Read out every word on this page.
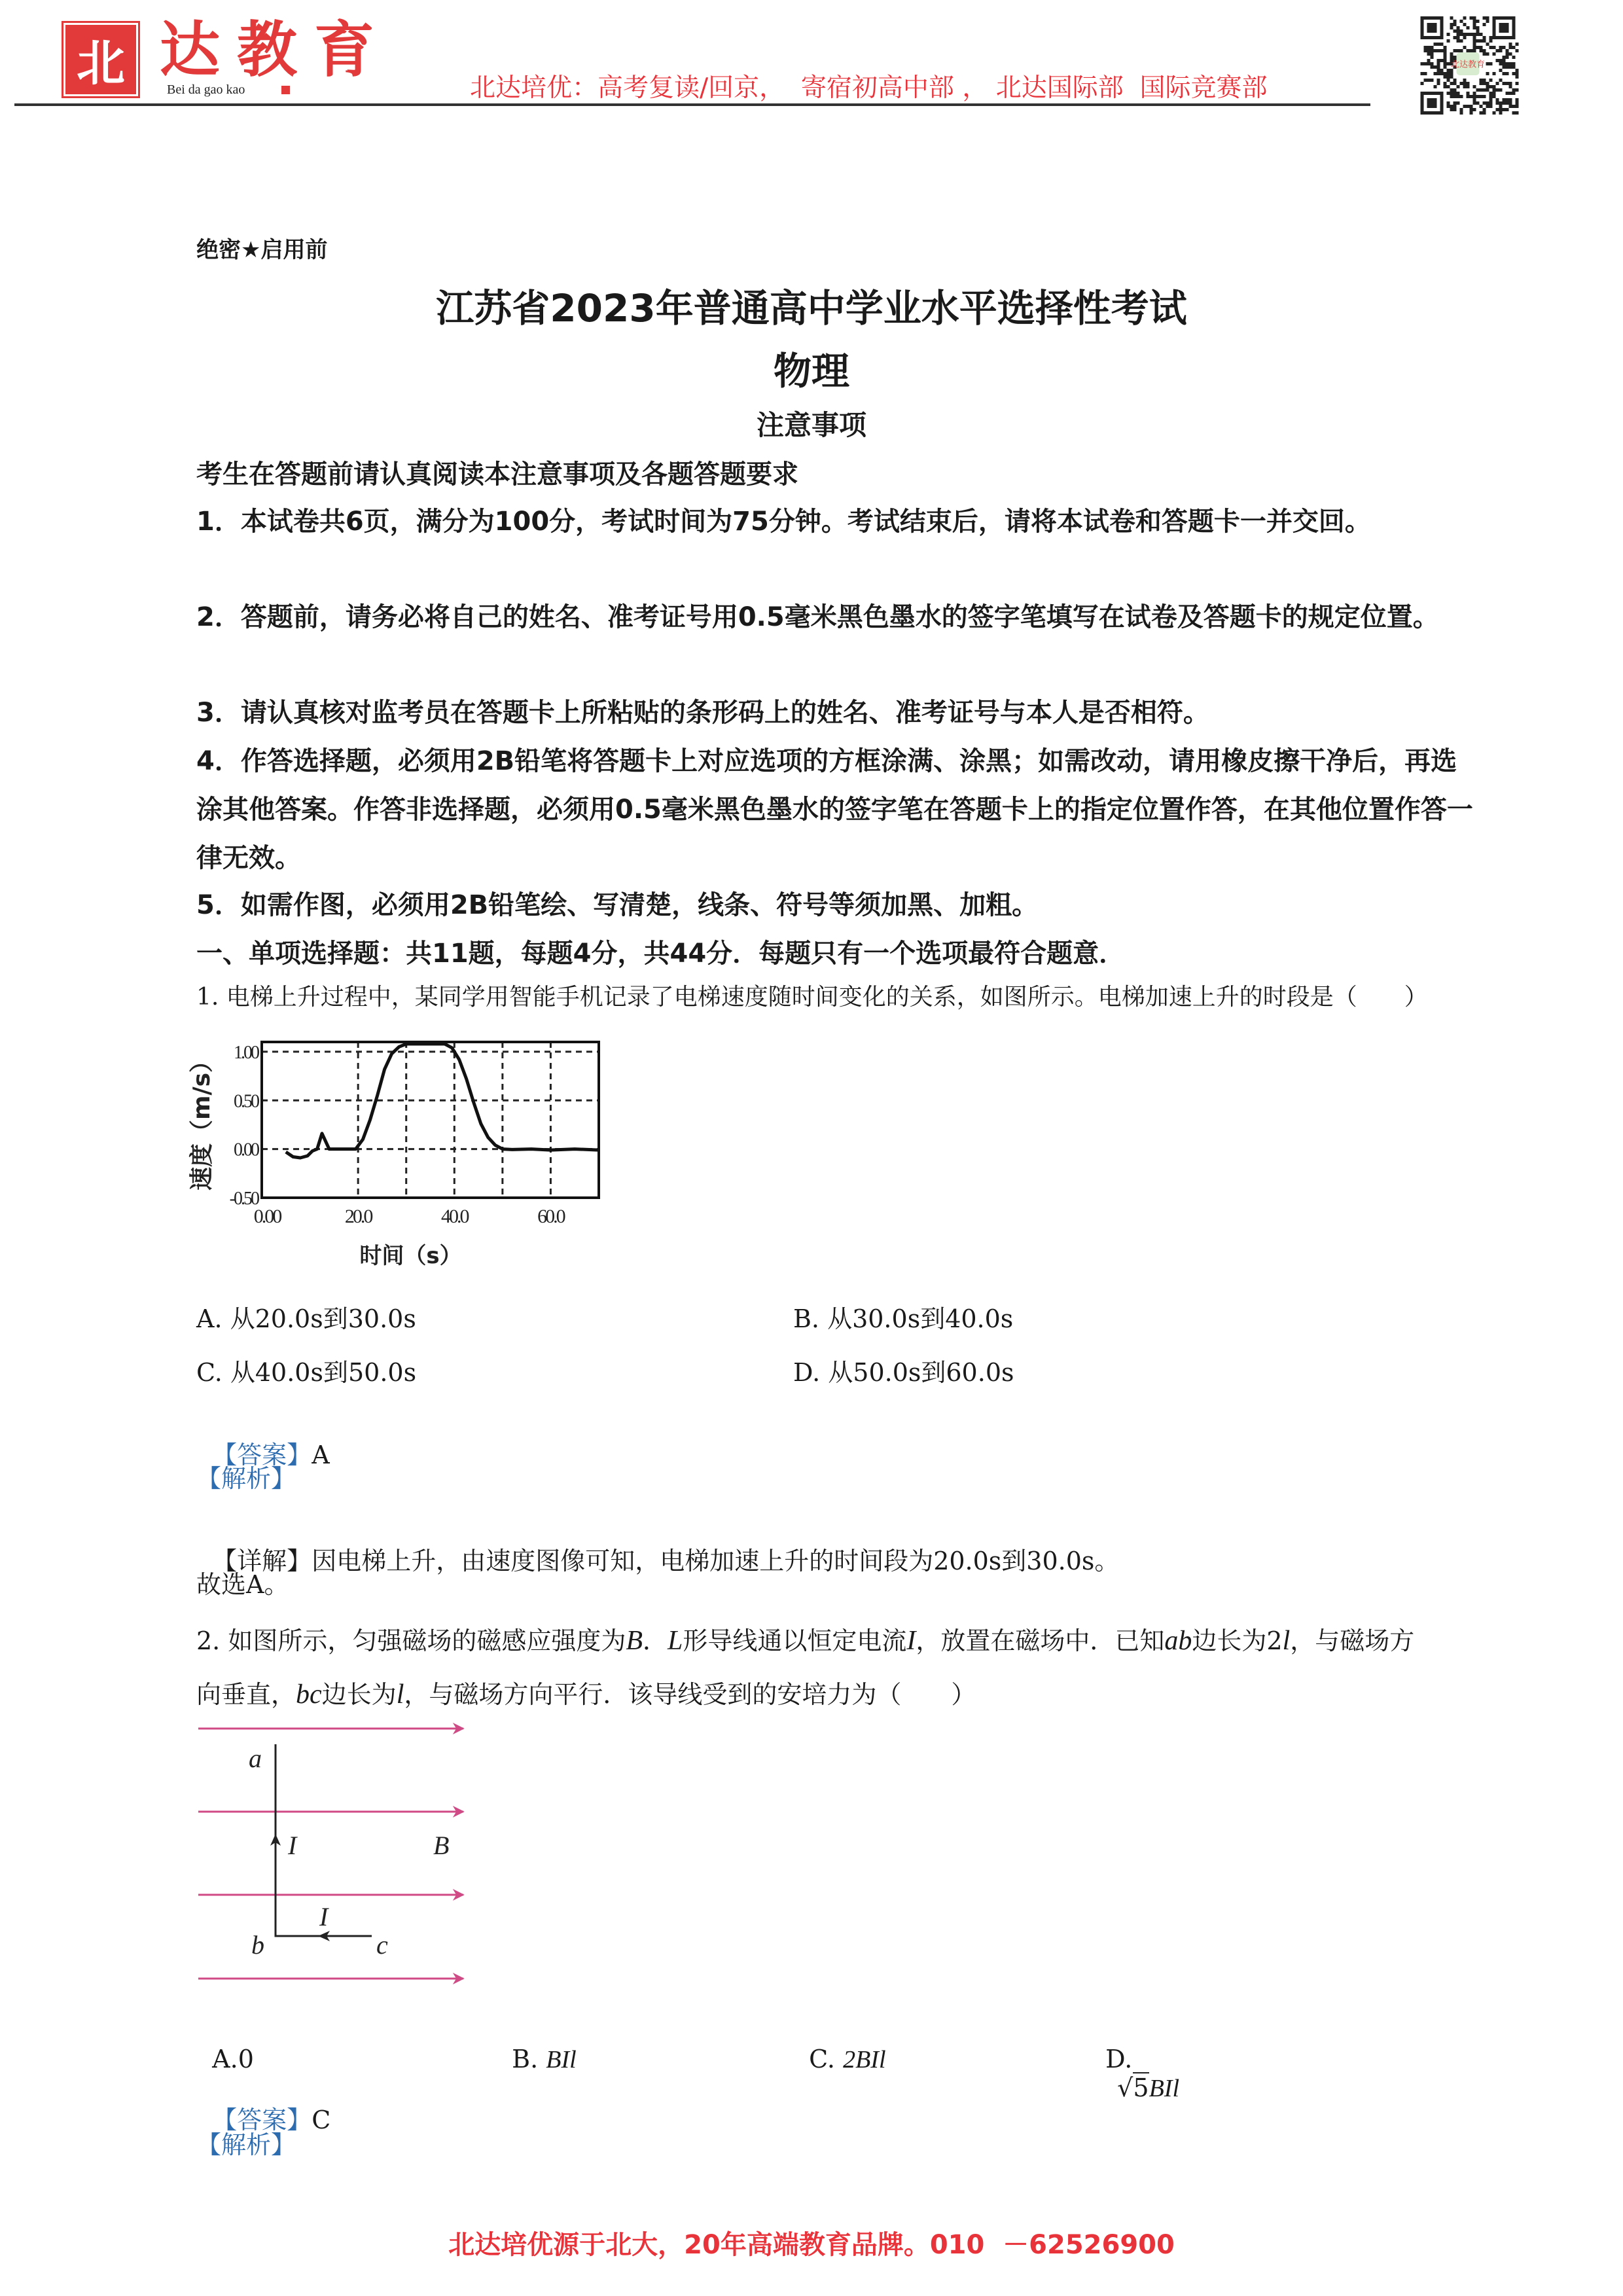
北 达教育
Bei da gao kao	北达培优：高考复读/回京，  寄宿初高中部 ， 北达国际部  国际竞赛部
北达教育
绝密★启用前
江苏省2023年普通高中学业水平选择性考试
物理
注意事项
考生在答题前请认真阅读本注意事项及各题答题要求
1．本试卷共6页，满分为100分，考试时间为75分钟。考试结束后，请将本试卷和答题卡一并交回。
2．答题前，请务必将自己的姓名、准考证号用0.5毫米黑色墨水的签字笔填写在试卷及答题卡的规定位置。
3．请认真核对监考员在答题卡上所粘贴的条形码上的姓名、准考证号与本人是否相符。
4．作答选择题，必须用2B铅笔将答题卡上对应选项的方框涂满、涂黑；如需改动，请用橡皮擦干净后，再选涂其他答案。作答非选择题，必须用0.5毫米黑色墨水的签字笔在答题卡上的指定位置作答，在其他位置作答一律无效。
5．如需作图，必须用2B铅笔绘、写清楚，线条、符号等须加黑、加粗。
一、单项选择题：共11题，每题4分，共44分．每题只有一个选项最符合题意．
1. 电梯上升过程中，某同学用智能手机记录了电梯速度随时间变化的关系，如图所示。电梯加速上升的时段是（　　）
-0.50
0.00
0.50
1.00
0.00	20.0	40.0	60.0
速度（m/s）
时间（s）
A. 从20.0s到30.0s	B. 从30.0s到40.0s
C. 从40.0s到50.0s	D. 从50.0s到60.0s

【答案】A

【解析】

【详解】因电梯上升，由速度图像可知，电梯加速上升的时间段为20.0s到30.0s。

故选A。
2. 如图所示，匀强磁场的磁感应强度为B．L形导线通以恒定电流I，放置在磁场中．已知ab边长为2l，与磁场方
向垂直，bc边长为l，与磁场方向平行．该导线受到的安培力为（　　）
a
I	B
I
b	c

A.0	B. BIl	C. 2BIl	D.
√5BIl

【答案】C

【解析】
北达培优源于北大，20年高端教育品牌。010  －62526900
